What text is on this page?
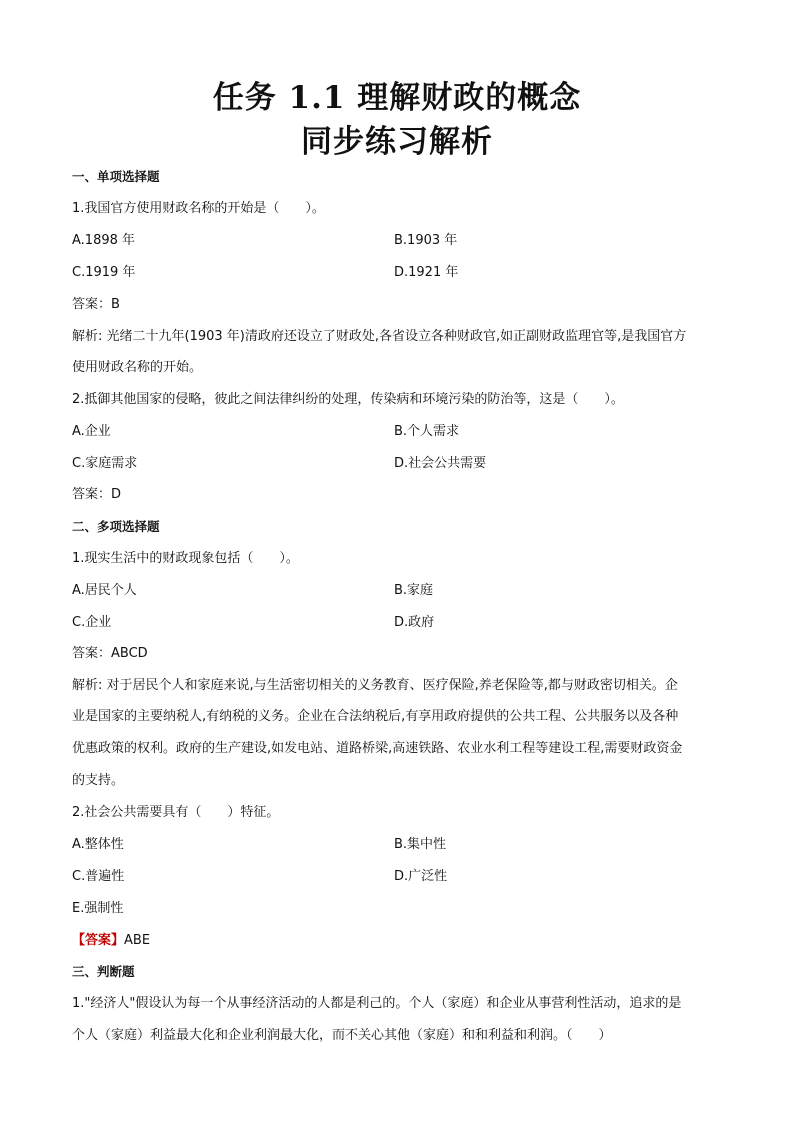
任务 1.1 理解财政的概念
同步练习解析
一、单项选择题
1.我国官方使用财政名称的开始是（　　）。
A.1898 年	B.1903 年
C.1919 年	D.1921 年
答案：B
解析: 光绪二十九年(1903 年)清政府还设立了财政处,各省设立各种财政官,如正副财政监理官等,是我国官方
使用财政名称的开始。
2.抵御其他国家的侵略，彼此之间法律纠纷的处理，传染病和环境污染的防治等，这是（　　）。
A.企业	B.个人需求
C.家庭需求	D.社会公共需要
答案：D
二、多项选择题
1.现实生活中的财政现象包括（　　）。
A.居民个人	B.家庭
C.企业	D.政府
答案：ABCD
解析: 对于居民个人和家庭来说,与生活密切相关的义务教育、医疗保险,养老保险等,都与财政密切相关。企
业是国家的主要纳税人,有纳税的义务。企业在合法纳税后,有享用政府提供的公共工程、公共服务以及各种
优惠政策的权利。政府的生产建设,如发电站、道路桥梁,高速铁路、农业水利工程等建设工程,需要财政资金
的支持。
2.社会公共需要具有（　　）特征。
A.整体性	B.集中性
C.普遍性	D.广泛性
E.强制性
【答案】ABE
三、判断题
1."经济人"假设认为每一个从事经济活动的人都是利己的。个人（家庭）和企业从事营利性活动，追求的是
个人（家庭）利益最大化和企业利润最大化，而不关心其他（家庭）和和利益和利润。（　　）
